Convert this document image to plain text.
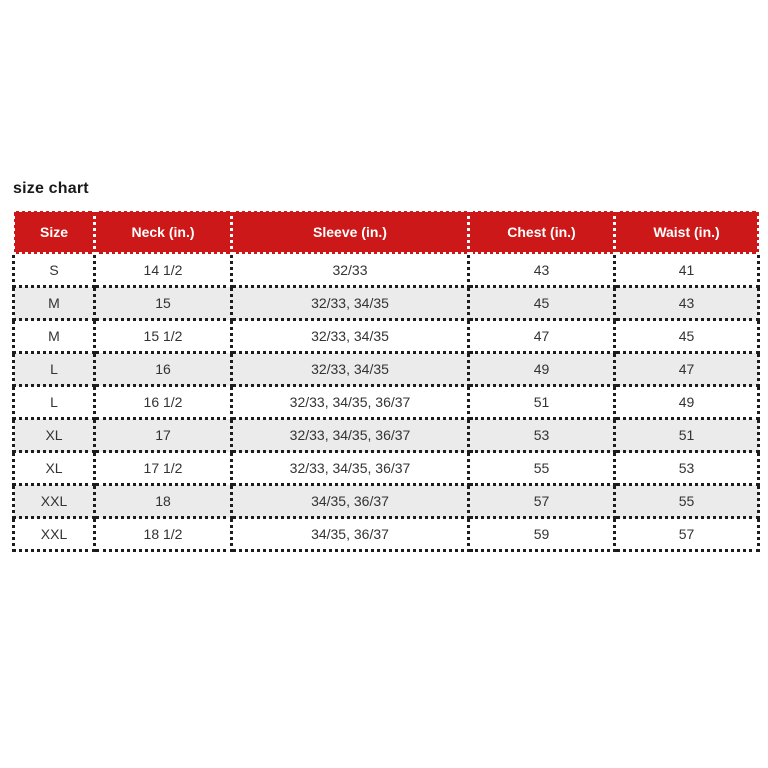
size chart
Size	Neck (in.)	Sleeve (in.)	Chest (in.)	Waist (in.)
S	14 1/2	32/33	43	41
M	15	32/33, 34/35	45	43
M	15 1/2	32/33, 34/35	47	45
L	16	32/33, 34/35	49	47
L	16 1/2	32/33, 34/35, 36/37	51	49
XL	17	32/33, 34/35, 36/37	53	51
XL	17 1/2	32/33, 34/35, 36/37	55	53
XXL	18	34/35, 36/37	57	55
XXL	18 1/2	34/35, 36/37	59	57
